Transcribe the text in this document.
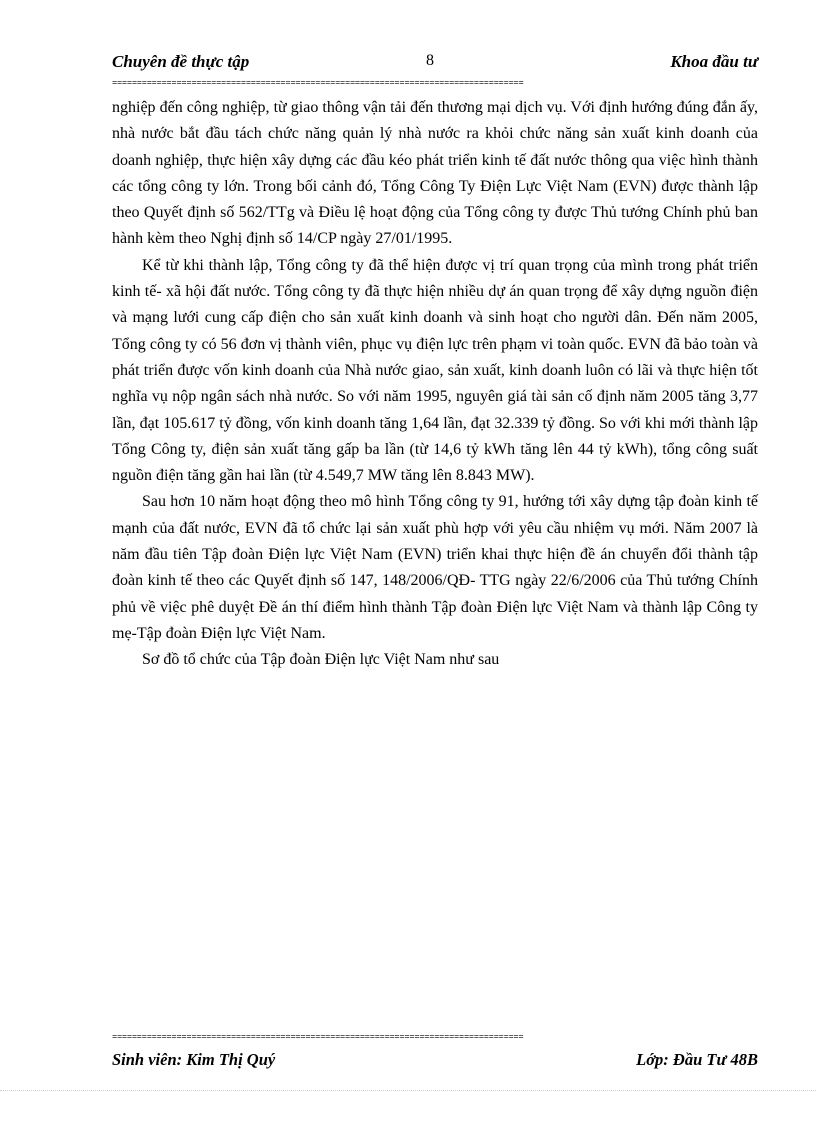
Chuyên đề thực tập	8	Khoa đầu tư
===================================================================================

nghiệp đến công nghiệp, từ giao thông vận tải đến thương mại dịch vụ. Với định hướng đúng đắn ấy, nhà nước bắt đầu tách chức năng quản lý nhà nước ra khỏi chức năng sản xuất kinh doanh của doanh nghiệp, thực hiện xây dựng các đầu kéo phát triển kinh tế đất nước thông qua việc hình thành các tổng công ty lớn. Trong bối cảnh đó, Tổng Công Ty Điện Lực Việt Nam (EVN) được thành lập theo Quyết định số 562/TTg và Điều lệ hoạt động của Tổng công ty được Thủ tướng Chính phủ ban hành kèm theo Nghị định số 14/CP ngày 27/01/1995.

Kể từ khi thành lập, Tổng công ty đã thể hiện được vị trí quan trọng của mình trong phát triển kinh tế- xã hội đất nước. Tổng công ty đã thực hiện nhiều dự án quan trọng để xây dựng nguồn điện và mạng lưới cung cấp điện cho sản xuất kinh doanh và sinh hoạt cho người dân. Đến năm 2005, Tổng công ty có 56 đơn vị thành viên, phục vụ điện lực trên phạm vi toàn quốc. EVN đã bảo toàn và phát triển được vốn kinh doanh của Nhà nước giao, sản xuất, kinh doanh luôn có lãi và thực hiện tốt nghĩa vụ nộp ngân sách nhà nước. So với năm 1995, nguyên giá tài sản cố định năm 2005 tăng 3,77 lần, đạt 105.617 tỷ đồng, vốn kinh doanh tăng 1,64 lần, đạt 32.339 tỷ đồng. So với khi mới thành lập Tổng Công ty, điện sản xuất tăng gấp ba lần (từ 14,6 tỷ kWh tăng lên 44 tỷ kWh), tổng công suất nguồn điện tăng gần hai lần (từ 4.549,7 MW tăng lên 8.843 MW).

Sau hơn 10 năm hoạt động theo mô hình Tổng công ty 91, hướng tới xây dựng tập đoàn kinh tế mạnh của đất nước, EVN đã tổ chức lại sản xuất phù hợp với yêu cầu nhiệm vụ mới. Năm 2007 là năm đầu tiên Tập đoàn Điện lực Việt Nam (EVN) triển khai thực hiện đề án chuyển đổi thành tập đoàn kinh tế theo các Quyết định số 147, 148/2006/QĐ- TTG ngày 22/6/2006 của Thủ tướng Chính phủ về việc phê duyệt Đề án thí điểm hình thành Tập đoàn Điện lực Việt Nam và thành lập Công ty mẹ-Tập đoàn Điện lực Việt Nam.

Sơ đồ tổ chức của Tập đoàn Điện lực Việt Nam như sau

===================================================================================
Sinh viên: Kim Thị Quý	Lớp: Đầu Tư 48B
